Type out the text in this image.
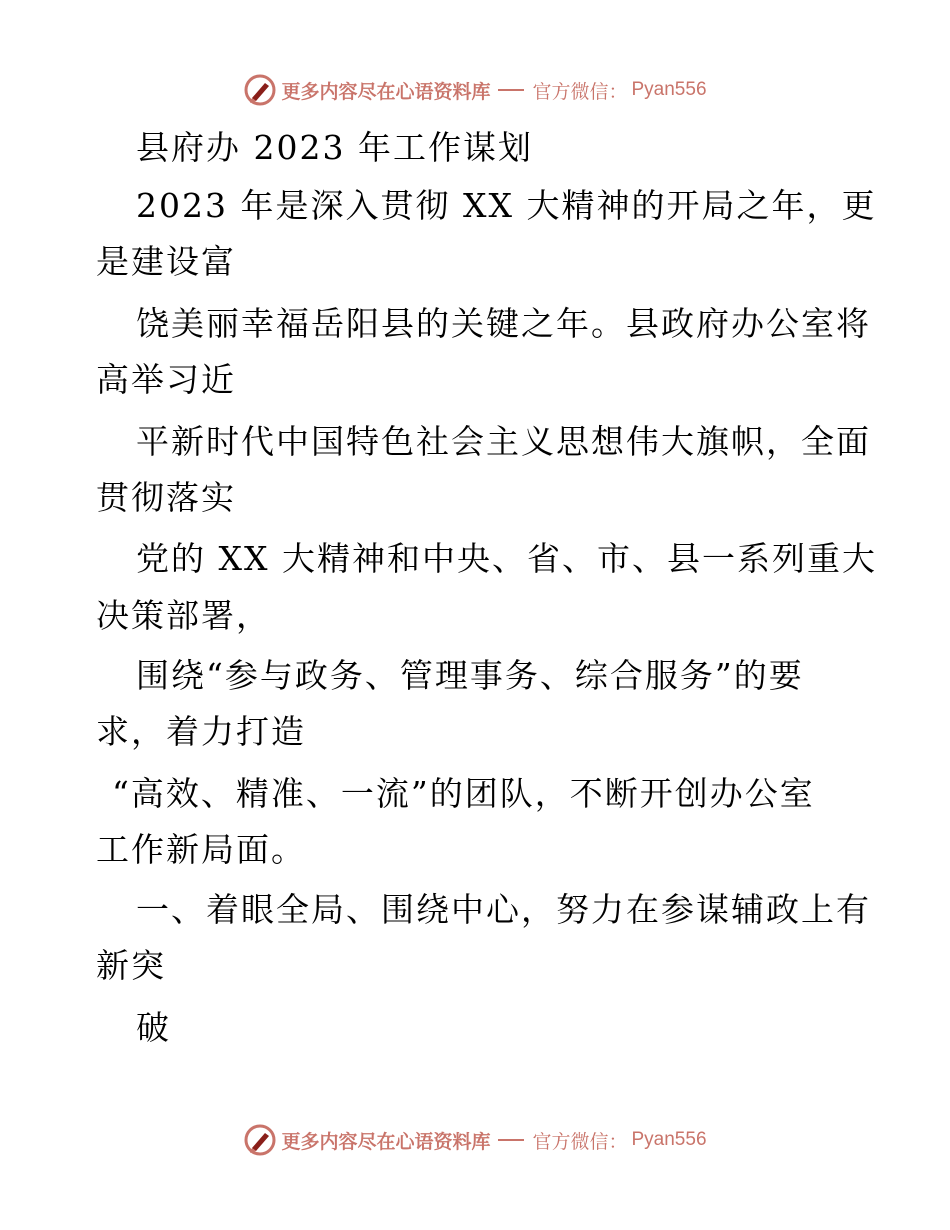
更多内容尽在心语资料库 官方微信： Pyan556
县府办 2023 年工作谋划
2023 年是深入贯彻 XX 大精神的开局之年，更
是建设富
饶美丽幸福岳阳县的关键之年。县政府办公室将
高举习近
平新时代中国特色社会主义思想伟大旗帜，全面
贯彻落实
党的 XX 大精神和中央、省、市、县一系列重大
决策部署，
围绕“参与政务、管理事务、综合服务”的要
求，着力打造
“高效、精准、一流”的团队，不断开创办公室
工作新局面。
一、着眼全局、围绕中心，努力在参谋辅政上有
新突
破
更多内容尽在心语资料库 官方微信： Pyan556
